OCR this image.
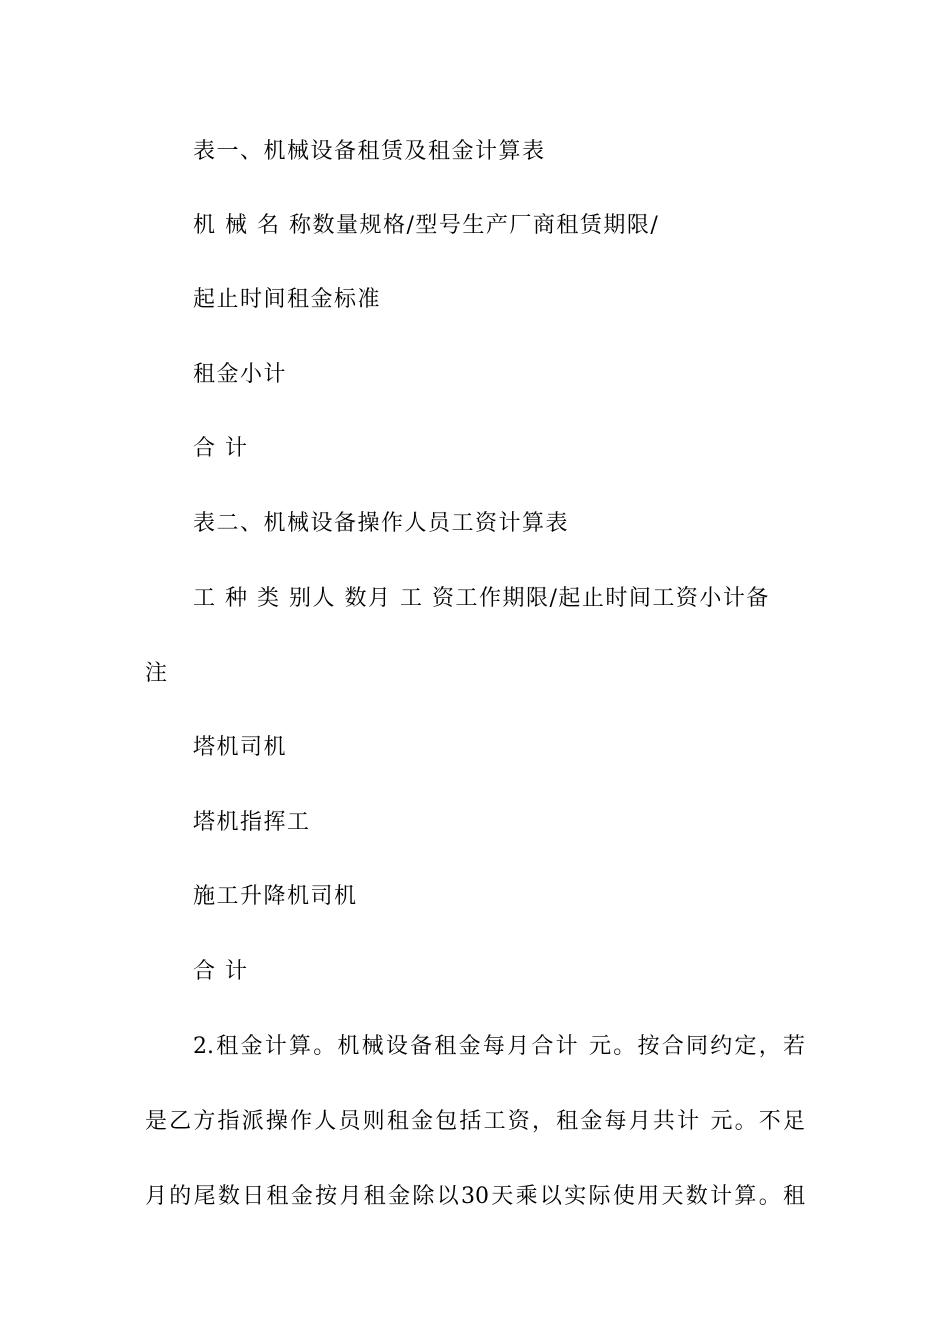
表一、机械设备租赁及租金计算表
机 械 名 称数量规格/型号生产厂商租赁期限/
起止时间租金标准
租金小计
合 计
表二、机械设备操作人员工资计算表
工 种 类 别人 数月 工 资工作期限/起止时间工资小计备
注
塔机司机
塔机指挥工
施工升降机司机
合 计
2.租金计算。机械设备租金每月合计 元。按合同约定，若
是乙方指派操作人员则租金包括工资，租金每月共计 元。不足
月的尾数日租金按月租金除以30天乘以实际使用天数计算。租
